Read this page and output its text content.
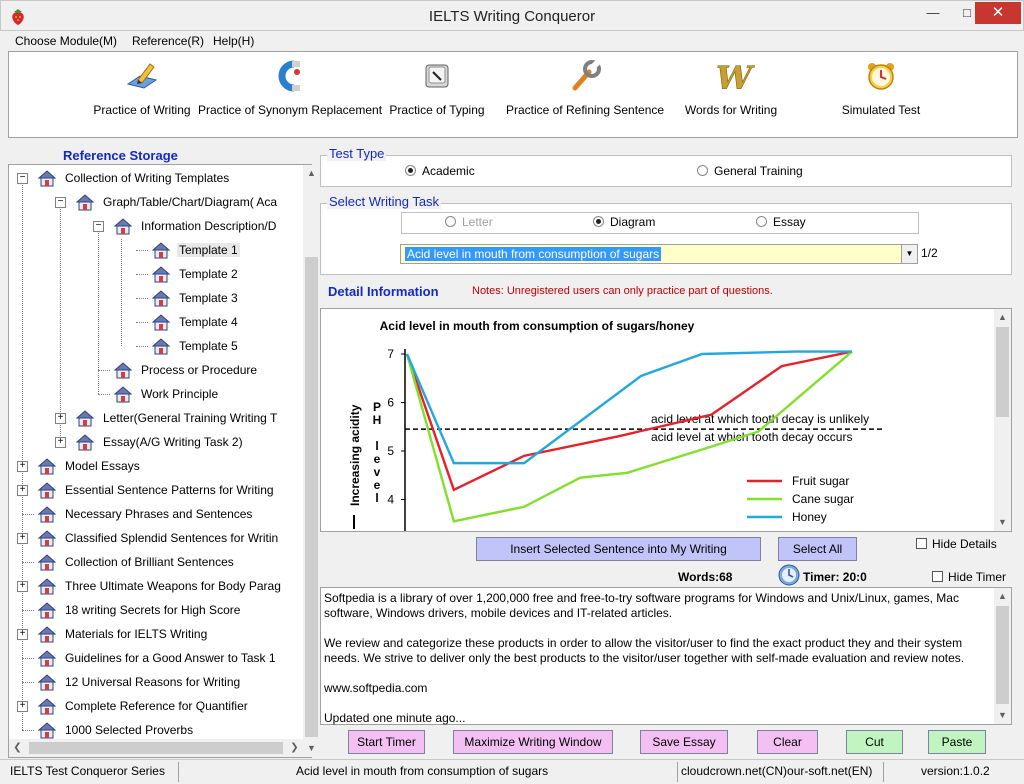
IELTS Writing Conqueror	—	□	✕
Choose Module(M) Reference(R) Help(H)
Practice of Writing Practice of Synonym Replacement Practice of Typing Practice of Refining Sentence
W
Words for Writing	Simulated Test
Reference Storage
−	Collection of Writing Templates
−	Graph/Table/Chart/Diagram( Aca
−	Information Description/D
Template 1
Template 2
Template 3
Template 4
Template 5
Process or Procedure
Work Principle
+	Letter(General Training Writing T
+	Essay(A/G Writing Task 2)
+	Model Essays
+	Essential Sentence Patterns for Writing
Necessary Phrases and Sentences
+	Classified Splendid Sentences for Writin
Collection of Brilliant Sentences
+	Three Ultimate Weapons for Body Parag
18 writing Secrets for High Score
+	Materials for IELTS Writing
Guidelines for a Good Answer to Task 1
12 Universal Reasons for Writing
+	Complete Reference for Quantifier
1000 Selected Proverbs
▲
▼
❮	❯
Test Type
Academic	General Training
Select Writing Task
Letter	Diagram	Essay
Acid level in mouth from consumption of sugars	▼ 1/2
Detail Information	Notes: Unregistered users can only practice part of questions.
Acid level in mouth from consumption of sugars/honey
Increasing acidity P
H
l
e
v
e
l
7
6
5
4
acid level at which tooth decay is unlikely
acid level at which tooth decay occurs
Fruit sugar
Cane sugar
Honey
▲
▼
Insert Selected Sentence into My Writing	Select All	Hide Details
Words:68	Timer: 20:0	Hide Timer
Softpedia is a library of over 1,200,000 free and free-to-try software programs for Windows and Unix/Linux, games, Mac software, Windows drivers, mobile devices and IT-related articles.

We review and categorize these products in order to allow the visitor/user to find the exact product they and their system needs. We strive to deliver only the best products to the visitor/user together with self-made evaluation and review notes.

www.softpedia.com

Updated one minute ago...
▲
▼
Start Timer	Maximize Writing Window	Save Essay	Clear	Cut	Paste
IELTS Test Conqueror Series	Acid level in mouth from consumption of sugars	cloudcrown.net(CN)our-soft.net(EN)	version:1.0.2
